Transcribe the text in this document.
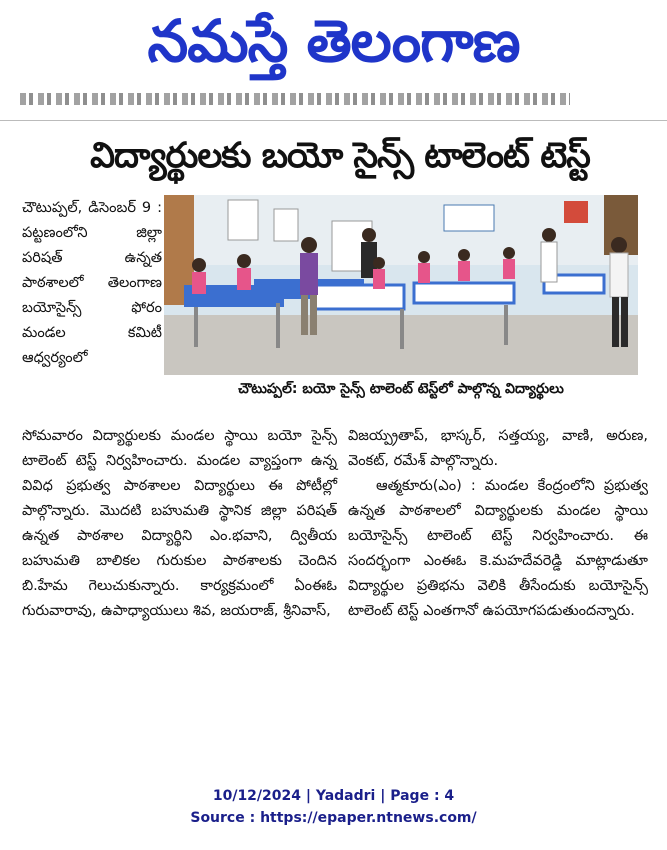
నమస్తే తెలంగాణ
విద్యార్థులకు బయో సైన్స్ టాలెంట్ టెస్ట్
చౌటుప్పల్, డిసెంబర్ 9 : పట్టణంలోని జిల్లా పరిషత్ ఉన్నత పాఠశాలలో తెలంగాణ బయోసైన్స్ ఫోరం మండల కమిటీ ఆధ్వర్యంలో
చౌటుప్పల్: బయో సైన్స్ టాలెంట్ టెస్ట్‌లో పాల్గొన్న విద్యార్థులు
సోమవారం విద్యార్థులకు మండల స్థాయి బయో సైన్స్ టాలెంట్ టెస్ట్ నిర్వహించారు. మండల వ్యాప్తంగా ఉన్న వివిధ ప్రభుత్వ పాఠశాలల విద్యార్థులు ఈ పోటీల్లో పాల్గొన్నారు. మొదటి బహుమతి స్థానిక జిల్లా పరిషత్ ఉన్నత పాఠశాల విద్యార్థిని ఎం.భవాని, ద్వితీయ బహుమతి బాలికల గురుకుల పాఠశాలకు చెందిన బి.హేమ గెలుచుకున్నారు. కార్యక్రమంలో ఏంఈఓ గురువారావు, ఉపాధ్యాయులు శివ, జయరాజ్, శ్రీనివాస్,

విజయ్ప్రతాప్, భాస్కర్, సత్తయ్య, వాణి, అరుణ, వెంకట్, రమేశ్ పాల్గొన్నారు.

ఆత్మకూరు(ఎం) : మండల కేంద్రంలోని ప్రభుత్వ ఉన్నత పాఠశాలలో విద్యార్థులకు మండల స్థాయి బయోసైన్స్ టాలెంట్ టెస్ట్ నిర్వహించారు. ఈ సందర్భంగా ఎంఈఓ కె.మహదేవరెడ్డి మాట్లాడుతూ విద్యార్థుల ప్రతిభను వెలికి తీసేందుకు బయోసైన్స్ టాలెంట్ టెస్ట్ ఎంతగానో ఉపయోగపడుతుందన్నారు.

10/12/2024 | Yadadri | Page : 4
Source : https://epaper.ntnews.com/
